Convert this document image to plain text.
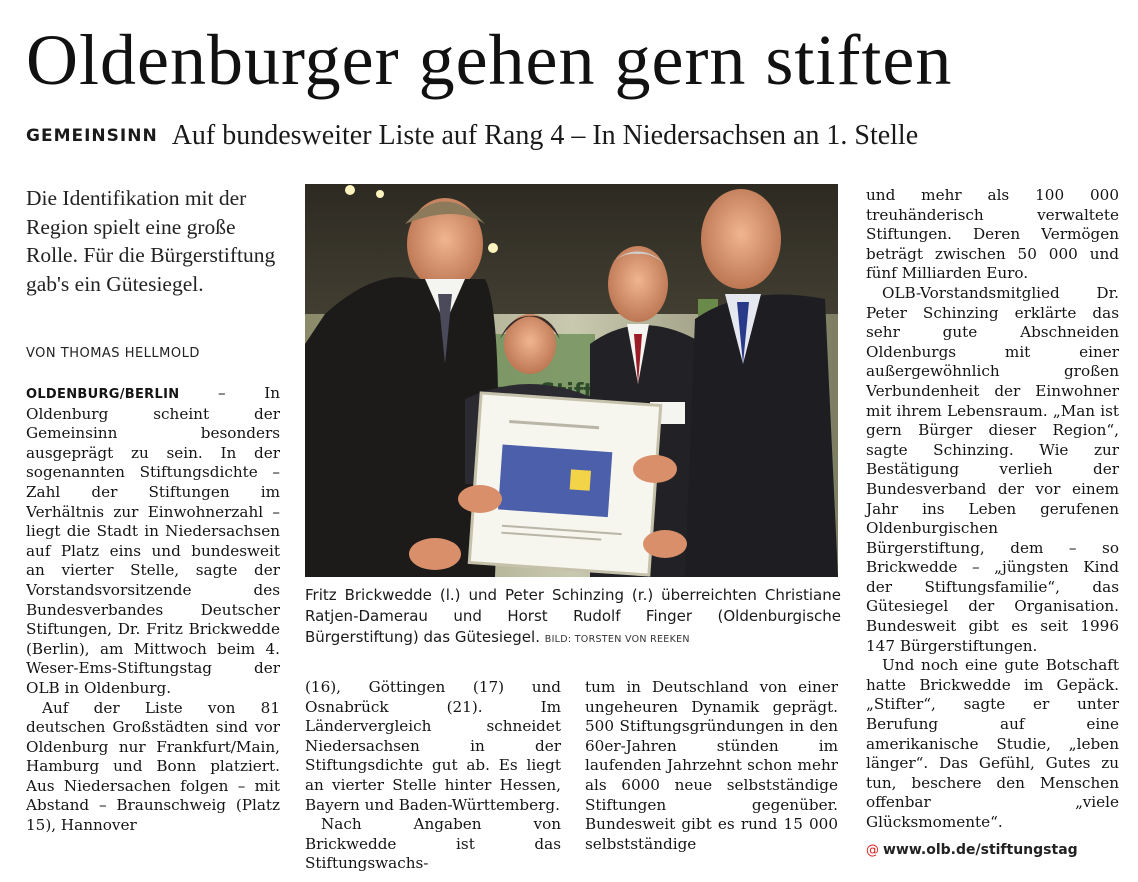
Oldenburger gehen gern stiften
GEMEINSINN Auf bundesweiter Liste auf Rang 4 – In Niedersachsen an 1. Stelle
Die Identifikation mit der Region spielt eine große Rolle. Für die Bürgerstiftung gab's ein Gütesiegel.
VON THOMAS HELLMOLD

OLDENBURG/BERLIN	– In Oldenburg scheint der Gemeinsinn besonders ausgeprägt zu sein. In der sogenannten Stiftungsdichte – Zahl der Stiftungen im Verhältnis zur Einwohnerzahl – liegt die Stadt in Niedersachsen auf Platz eins und bundesweit an vierter Stelle, sagte der Vorstandsvorsitzende des Bundesverbandes Deutscher Stiftungen, Dr. Fritz Brickwedde (Berlin), am Mittwoch beim 4. Weser-Ems-Stiftungstag der OLB in Oldenburg.

Auf der Liste von 81 deutschen Großstädten sind vor Oldenburg nur Frankfurt/Main, Hamburg und Bonn platziert. Aus Niedersachen folgen – mit Abstand – Braunschweig (Platz 15), Hannover

Fritz Brickwedde (l.) und Peter Schinzing (r.) überreichten Christiane Ratjen-Damerau und Horst Rudolf Finger (Oldenburgische Bürgerstiftung) das Gütesiegel. BILD: TORSTEN VON REEKEN

(16), Göttingen (17) und Osnabrück (21). Im Ländervergleich schneidet Niedersachsen in der Stiftungsdichte gut ab. Es liegt an vierter Stelle hinter Hessen, Bayern und Baden-Württemberg.

Nach Angaben von Brickwedde ist das Stiftungswachs-

tum in Deutschland von einer ungeheuren Dynamik geprägt. 500 Stiftungsgründungen in den 60er-Jahren stünden im laufenden Jahrzehnt schon mehr als 6000 neue selbstständige Stiftungen gegenüber. Bundesweit gibt es rund 15 000 selbstständige

und mehr als 100 000 treuhänderisch verwaltete Stiftungen. Deren Vermögen beträgt zwischen 50 000 und fünf Milliarden Euro.

OLB-Vorstandsmitglied Dr. Peter Schinzing erklärte das sehr gute Abschneiden Oldenburgs mit einer außergewöhnlich großen Verbundenheit der Einwohner mit ihrem Lebensraum. „Man ist gern Bürger dieser Region“, sagte Schinzing. Wie zur Bestätigung verlieh der Bundesverband der vor einem Jahr ins Leben gerufenen Oldenburgischen Bürgerstiftung, dem – so Brickwedde – „jüngsten Kind der Stiftungsfamilie“, das Gütesiegel der Organisation. Bundesweit gibt es seit 1996 147 Bürgerstiftungen.

Und noch eine gute Botschaft hatte Brickwedde im Gepäck. „Stifter“, sagte er unter Berufung auf eine amerikanische Studie, „leben länger“. Das Gefühl, Gutes zu tun, beschere den Menschen offenbar „viele Glücksmomente“.

@ www.olb.de/stiftungstag
